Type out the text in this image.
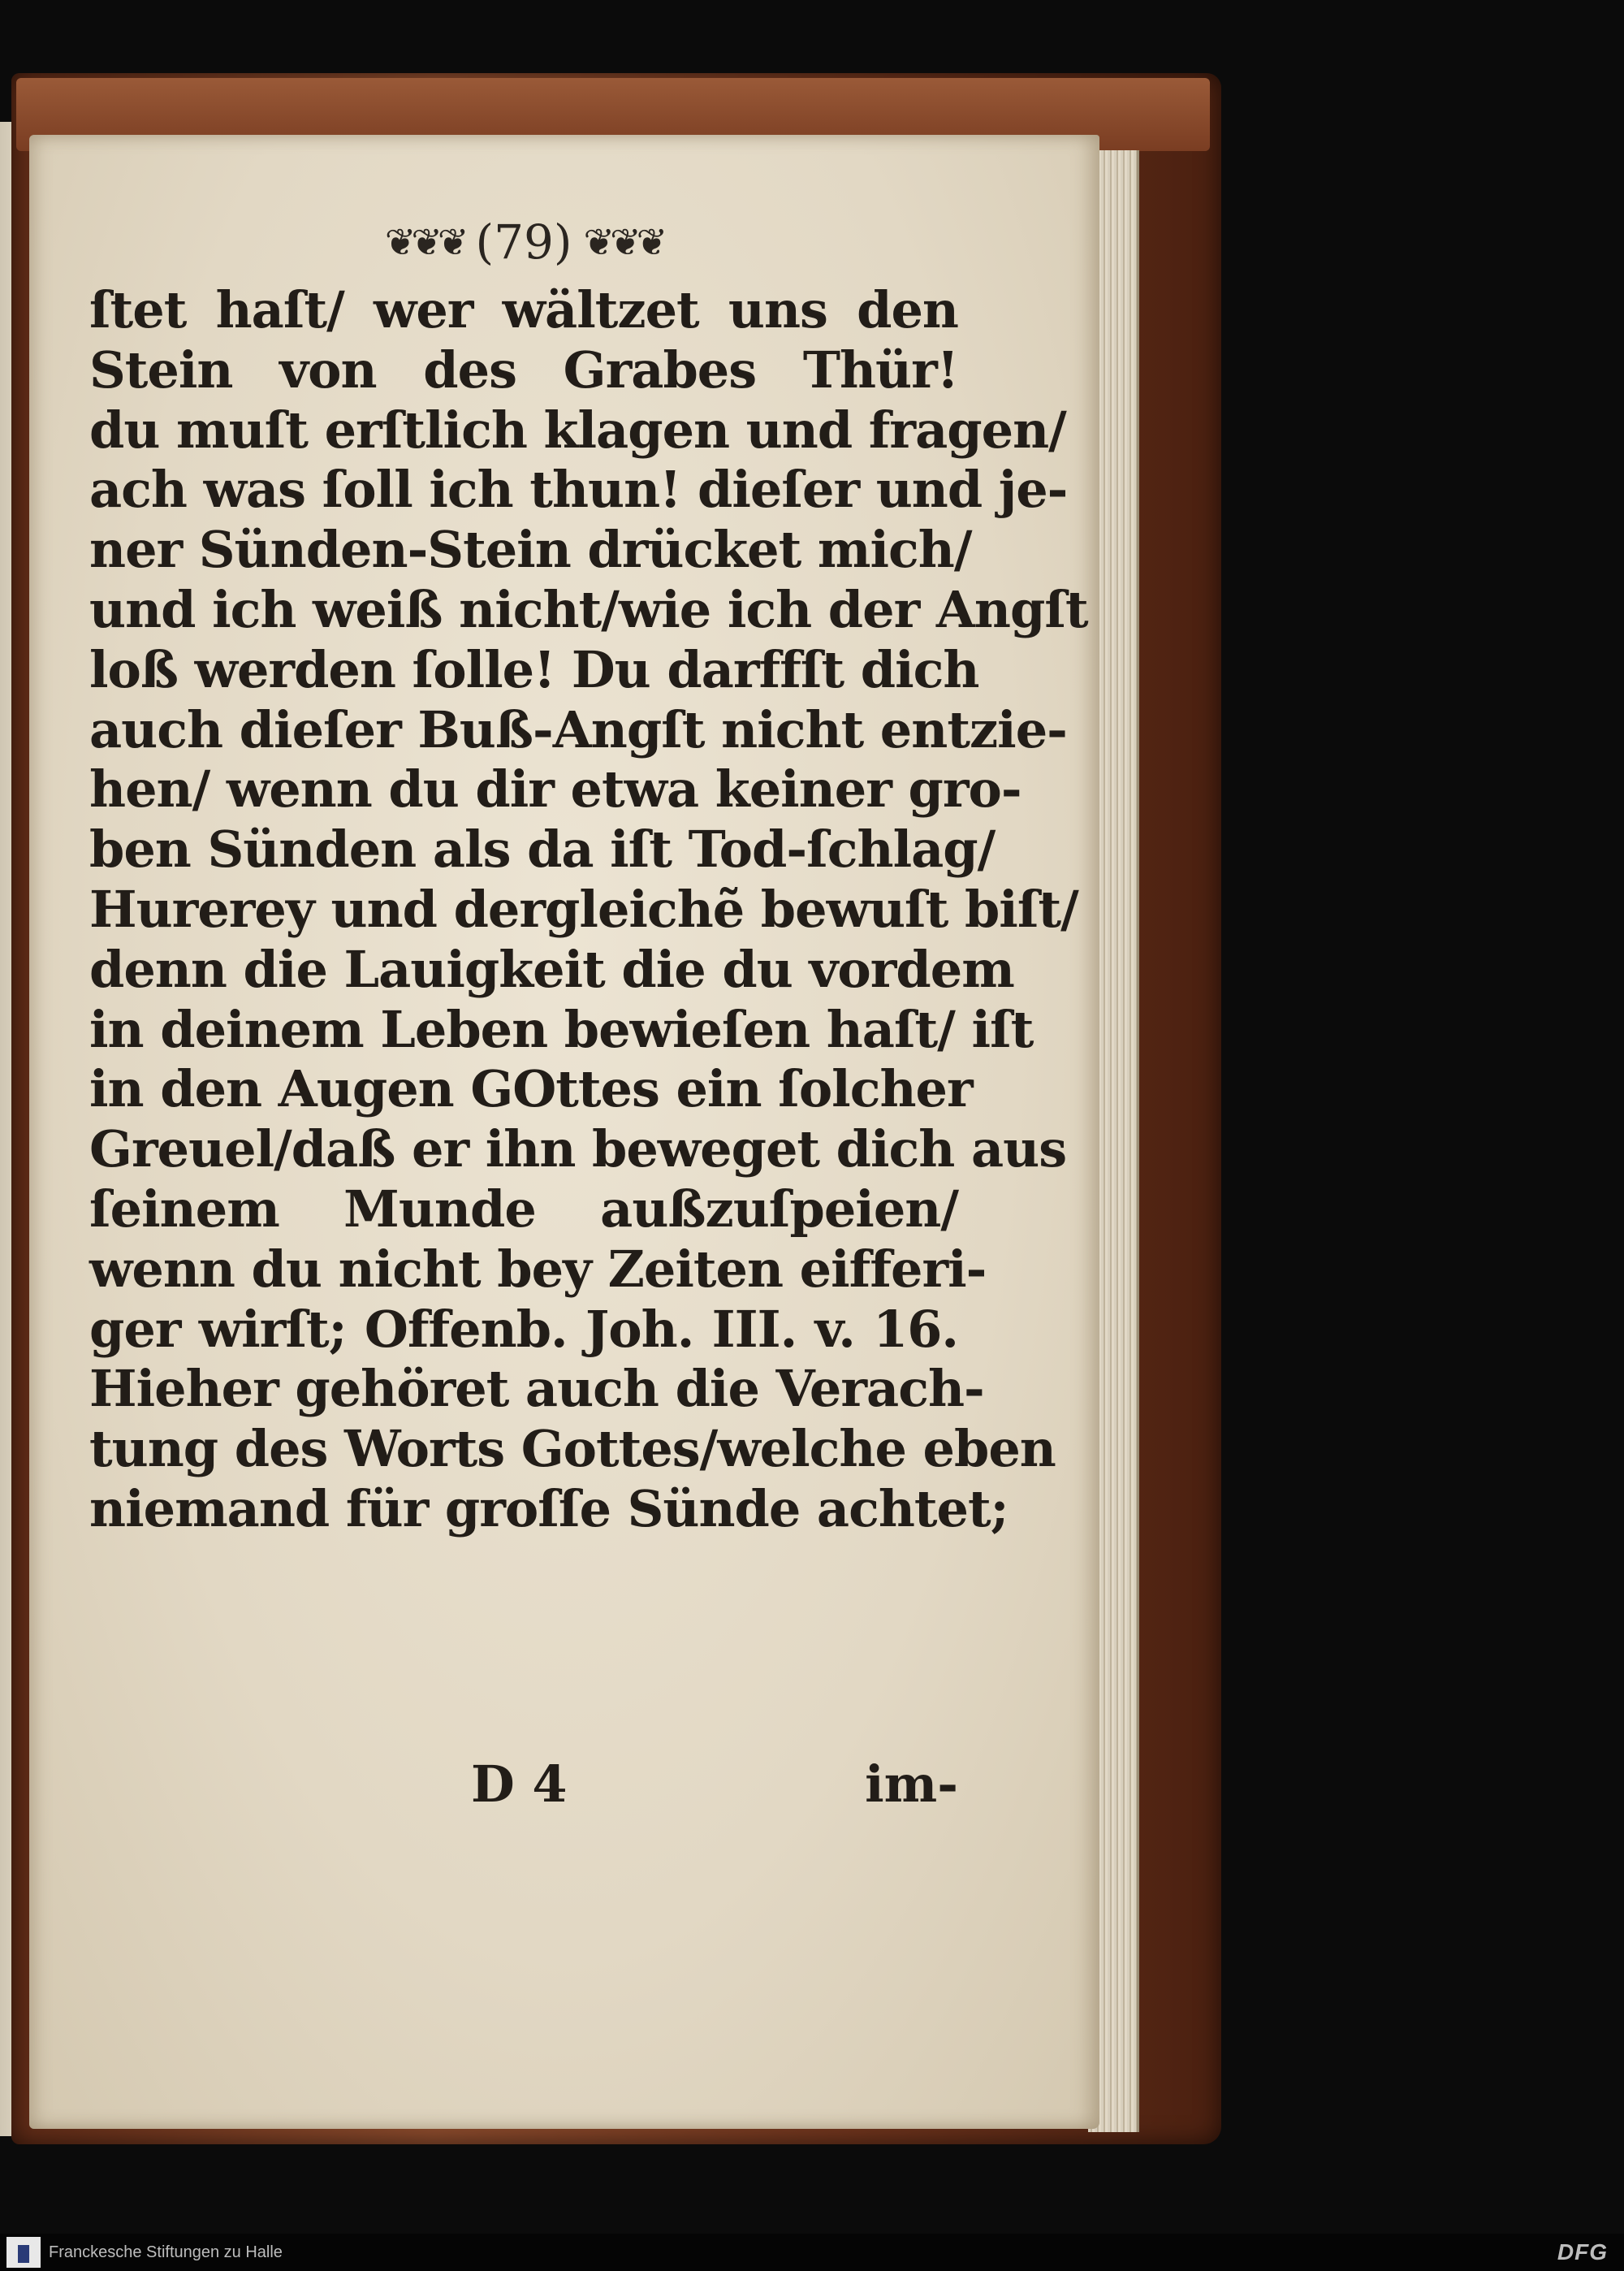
❦❦❦ (79) ❦❦❦
ſtet haſt/ wer wältzet uns den
Stein von des Grabes Thür!
du muſt erſtlich klagen und fragen/
ach was ſoll ich thun! dieſer und je-
ner Sünden-Stein drücket mich/
und ich weiß nicht/wie ich der Angſt
loß werden ſolle! Du darffſt dich
auch dieſer Buß-Angſt nicht entzie-
hen/ wenn du dir etwa keiner gro-
ben Sünden als da iſt Tod-ſchlag/
Hurerey und dergleichẽ bewuſt biſt/
denn die Lauigkeit die du vordem
in deinem Leben bewieſen haſt/ iſt
in den Augen GOttes ein ſolcher
Greuel/daß er ihn beweget dich aus
ſeinem Munde außzuſpeien/
wenn du nicht bey Zeiten eifferi-
ger wirſt; Offenb. Joh. III. v. 16.
Hieher gehöret auch die Verach-
tung des Worts Gottes/welche eben
niemand für groſſe Sünde achtet;
D 4	im-
Franckesche Stiftungen zu Halle	DFG
